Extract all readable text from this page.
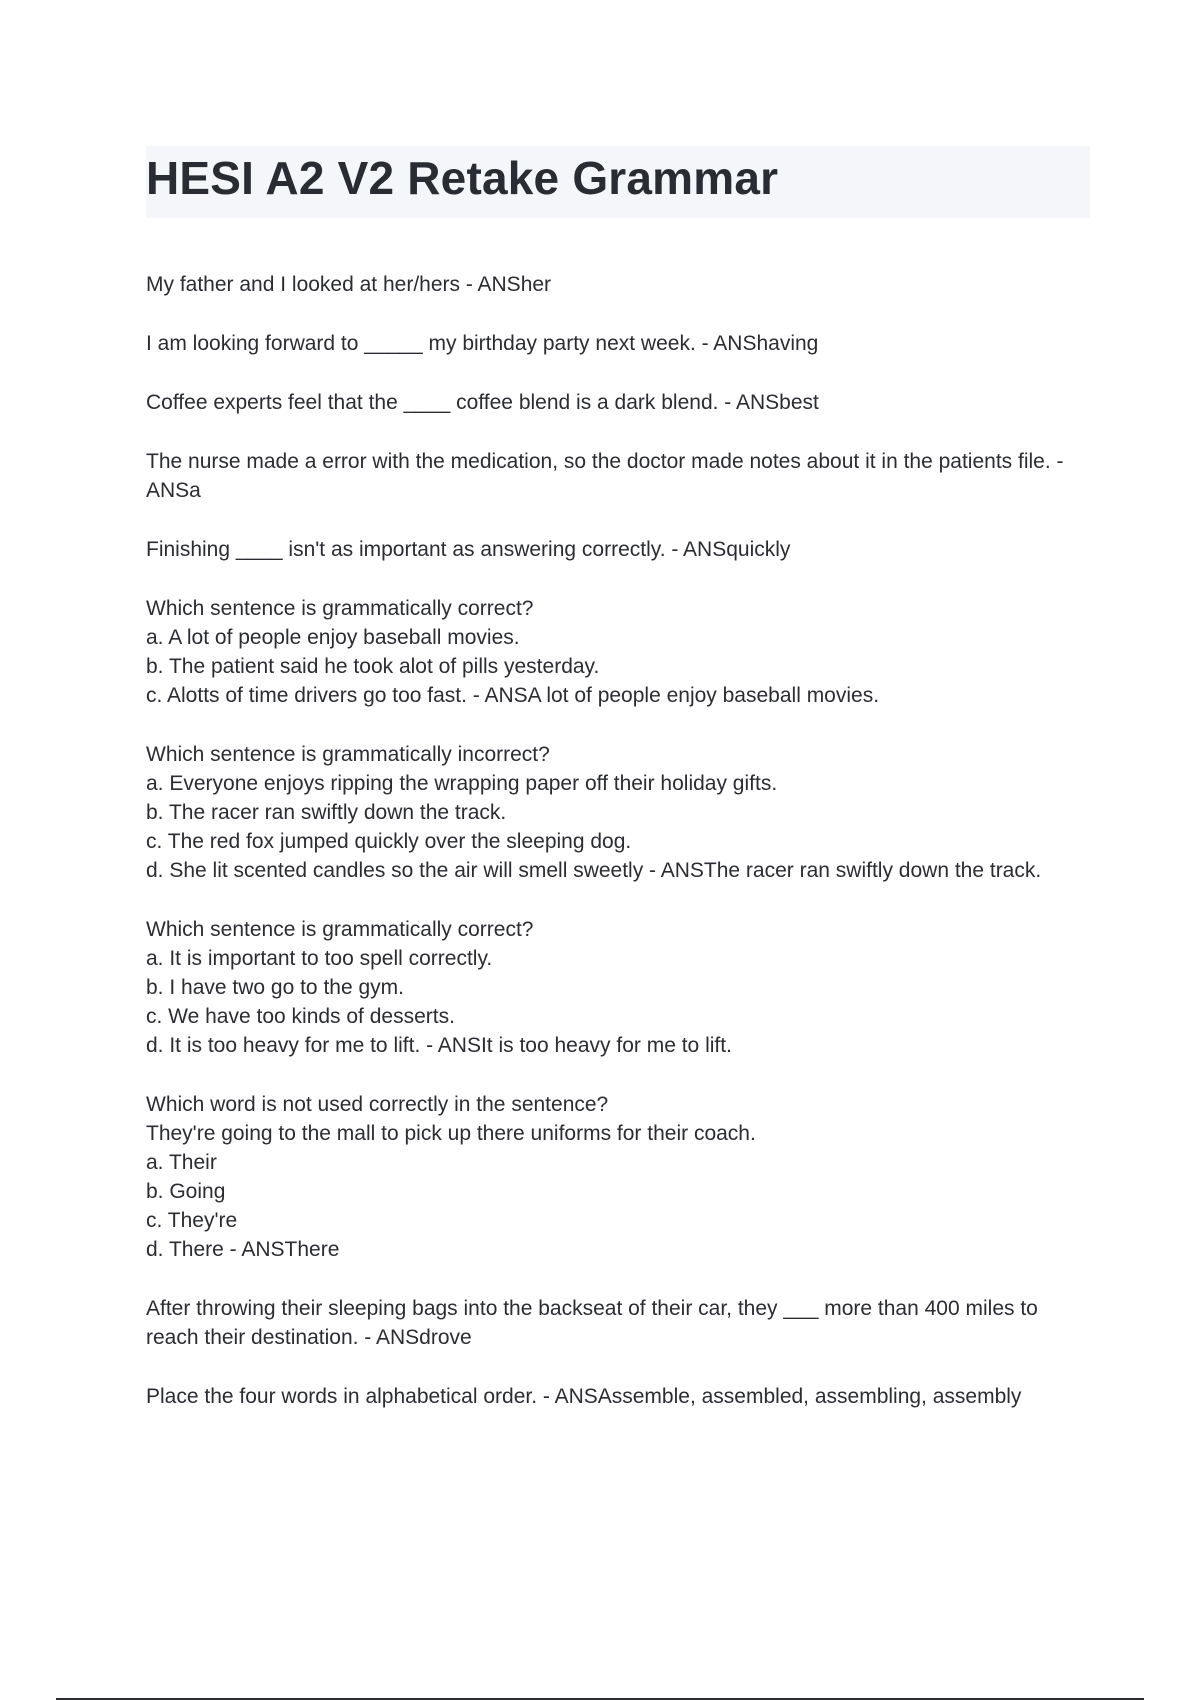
HESI A2 V2 Retake Grammar
My father and I looked at her/hers - ANSher
I am looking forward to _____ my birthday party next week. - ANShaving
Coffee experts feel that the ____ coffee blend is a dark blend. - ANSbest
The nurse made a error with the medication, so the doctor made notes about it in the patients file. - ANSa
Finishing ____ isn't as important as answering correctly. - ANSquickly
Which sentence is grammatically correct?
a. A lot of people enjoy baseball movies.
b. The patient said he took alot of pills yesterday.
c. Alotts of time drivers go too fast. - ANSA lot of people enjoy baseball movies.
Which sentence is grammatically incorrect?
a. Everyone enjoys ripping the wrapping paper off their holiday gifts.
b. The racer ran swiftly down the track.
c. The red fox jumped quickly over the sleeping dog.
d. She lit scented candles so the air will smell sweetly - ANSThe racer ran swiftly down the track.
Which sentence is grammatically correct?
a. It is important to too spell correctly.
b. I have two go to the gym.
c. We have too kinds of desserts.
d. It is too heavy for me to lift. - ANSIt is too heavy for me to lift.
Which word is not used correctly in the sentence?
They're going to the mall to pick up there uniforms for their coach.
a. Their
b. Going
c. They're
d. There - ANSThere
After throwing their sleeping bags into the backseat of their car, they ___ more than 400 miles to reach their destination. - ANSdrove
Place the four words in alphabetical order. - ANSAssemble, assembled, assembling, assembly
